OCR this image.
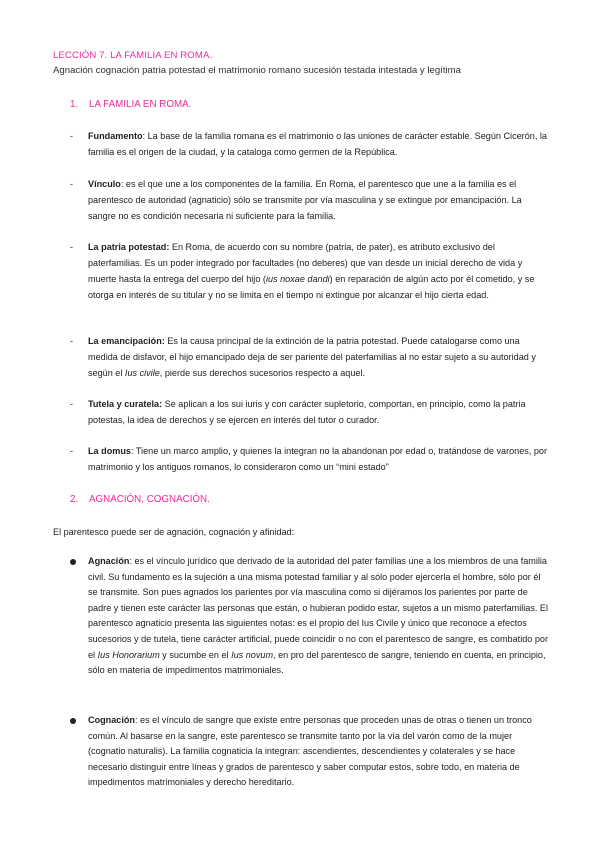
LECCIÓN 7. LA FAMILIA EN ROMA.
Agnación cognación patria potestad el matrimonio romano sucesión testada intestada y legítima
1. LA FAMILIA EN ROMA.
-	Fundamento: La base de la familia romana es el matrimonio o las uniones de carácter estable. Según Cicerón, la familia es el origen de la ciudad, y la cataloga como germen de la República.
-	Vínculo: es el que une a los componentes de la familia. En Roma, el parentesco que une a la familia es el parentesco de autoridad (agnaticio) sólo se transmite por vía masculina y se extingue por emancipación. La sangre no es condición necesaria ni suficiente para la familia.
-	La patria potestad: En Roma, de acuerdo con su nombre (patria, de pater), es atributo exclusivo del paterfamilias. Es un poder integrado por facultades (no deberes) que van desde un inicial derecho de vida y muerte hasta la entrega del cuerpo del hijo (ius noxae dandi) en reparación de algún acto por él cometido, y se otorga en interés de su titular y no se limita en el tiempo ni extingue por alcanzar el hijo cierta edad.
-	La emancipación: Es la causa principal de la extinción de la patria potestad. Puede catalogarse como una medida de disfavor, el hijo emancipado deja de ser pariente del paterfamilias al no estar sujeto a su autoridad y según el Ius civile, pierde sus derechos sucesorios respecto a aquel.
-	Tutela y curatela: Se aplican a los sui iuris y con carácter supletorio, comportan, en principio, como la patria potestas, la idea de derechos y se ejercen en interés del tutor o curador.
-	La domus: Tiene un marco amplio, y quienes la integran no la abandonan por edad o, tratándose de varones, por matrimonio y los antiguos romanos, lo consideraron como un “mini estado”
2. AGNACIÓN, COGNACIÓN.
El parentesco puede ser de agnación, cognación y afinidad:
Agnación: es el vínculo jurídico que derivado de la autoridad del pater familias une a los miembros de una familia civil. Su fundamento es la sujeción a una misma potestad familiar y al sólo poder ejercerla el hombre, sólo por él se transmite. Son pues agnados los parientes por vía masculina como si dijéramos los parientes por parte de padre y tienen este carácter las personas que están, o hubieran podido estar, sujetos a un mismo paterfamilias. El parentesco agnaticio presenta las siguientes notas: es el propio del Ius Civile y único que reconoce a efectos sucesorios y de tutela, tiene carácter artificial, puede coincidir o no con el parentesco de sangre, es combatido por el Ius Honorarium y sucumbe en el Ius novum, en pro del parentesco de sangre, teniendo en cuenta, en principio, sólo en materia de impedimentos matrimoniales.
Cognación: es el vínculo de sangre que existe entre personas que proceden unas de otras o tienen un tronco común. Al basarse en la sangre, este parentesco se transmite tanto por la vía del varón como de la mujer (cognatio naturalis). La familia cognaticia la integran: ascendientes, descendientes y colaterales y se hace necesario distinguir entre líneas y grados de parentesco y saber computar estos, sobre todo, en materia de impedimentos matrimoniales y derecho hereditario.
